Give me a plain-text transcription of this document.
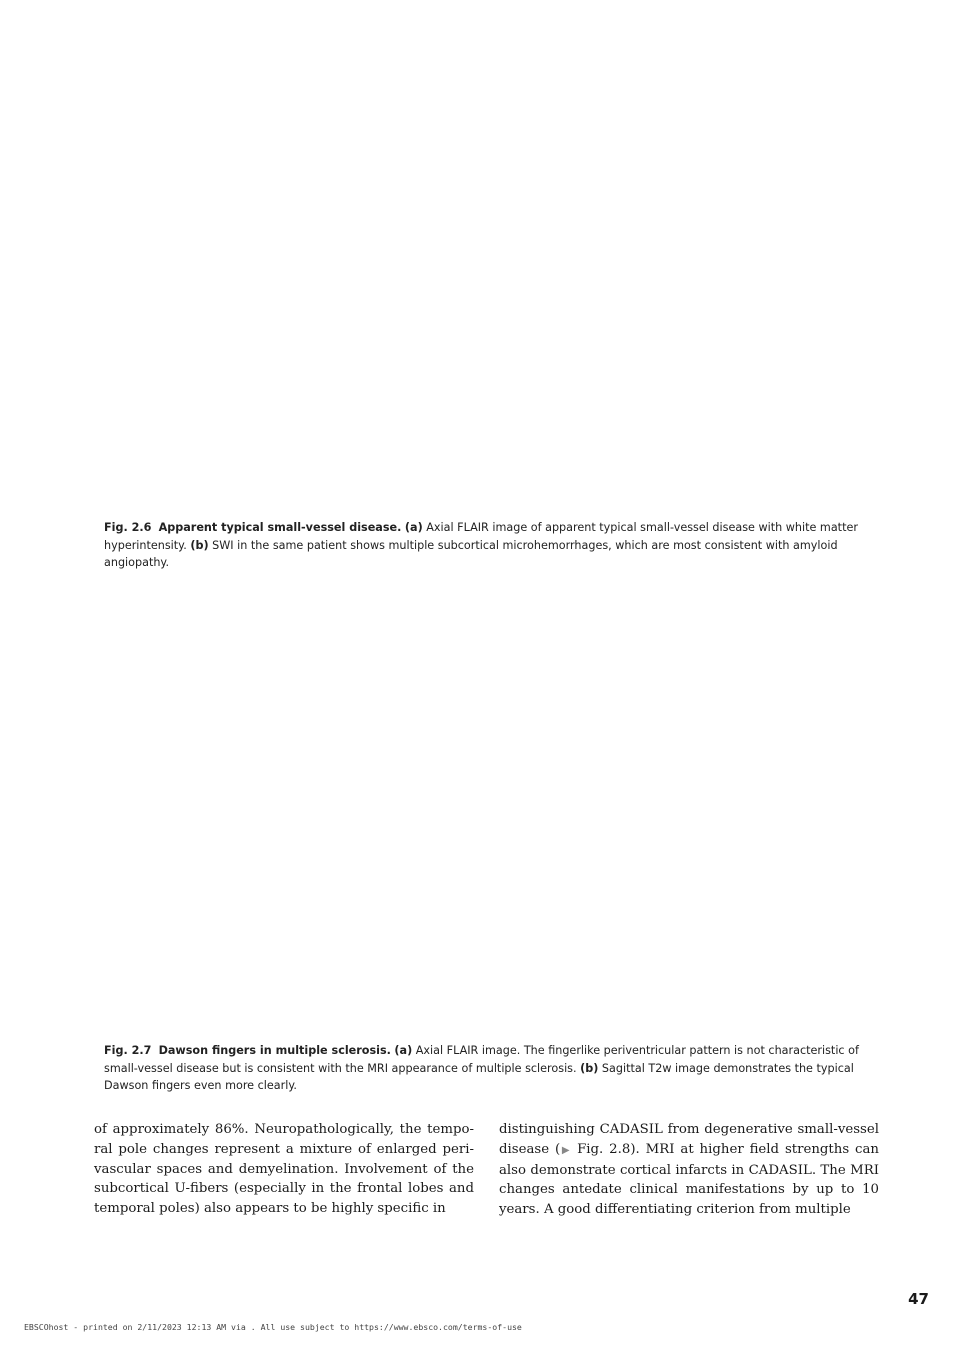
Fig. 2.6 Apparent typical small-vessel disease. (a) Axial FLAIR image of apparent typical small-vessel disease with white matter hyperintensity. (b) SWI in the same patient shows multiple subcortical microhemorrhages, which are most consistent with amyloid angiopathy.
Fig. 2.7 Dawson fingers in multiple sclerosis. (a) Axial FLAIR image. The fingerlike periventricular pattern is not characteristic of small-vessel disease but is consistent with the MRI appearance of multiple sclerosis. (b) Sagittal T2w image demonstrates the typical Dawson fingers even more clearly.
of approximately 86%. Neuropathologically, the temporal pole changes represent a mixture of enlarged perivascular spaces and demyelination. Involvement of the subcortical U-fibers (especially in the frontal lobes and temporal poles) also appears to be highly specific in
distinguishing CADASIL from degenerative small-vessel disease (▶ Fig. 2.8). MRI at higher field strengths can also demonstrate cortical infarcts in CADASIL. The MRI changes antedate clinical manifestations by up to 10 years. A good differentiating criterion from multiple
47
EBSCOhost - printed on 2/11/2023 12:13 AM via . All use subject to https://www.ebsco.com/terms-of-use
